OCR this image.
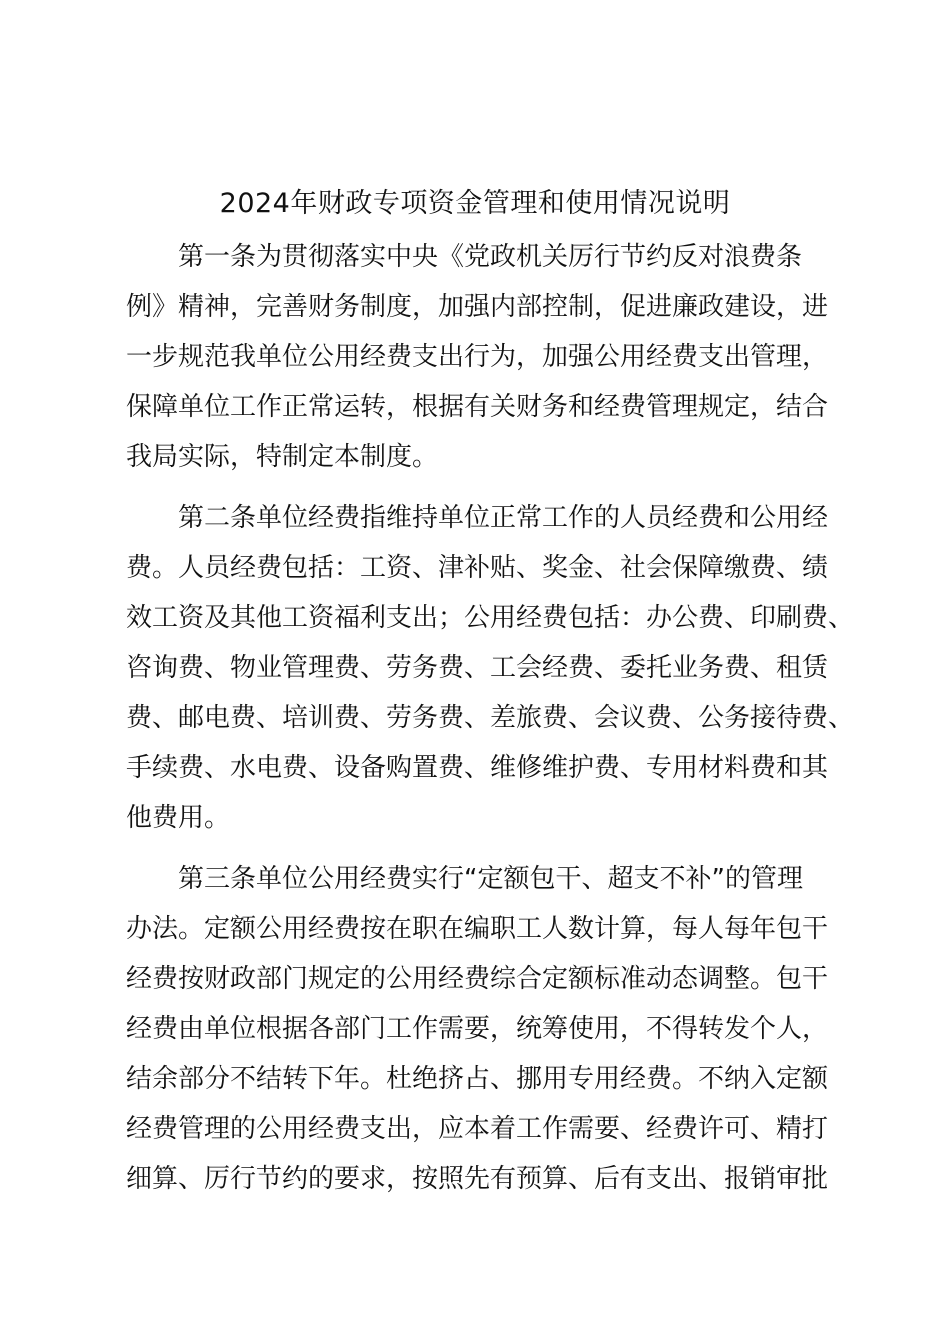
2024年财政专项资金管理和使用情况说明

第一条为贯彻落实中央《党政机关厉行节约反对浪费条
例》精神，完善财务制度，加强内部控制，促进廉政建设，进
一步规范我单位公用经费支出行为，加强公用经费支出管理，
保障单位工作正常运转，根据有关财务和经费管理规定，结合
我局实际，特制定本制度。

第二条单位经费指维持单位正常工作的人员经费和公用经
费。人员经费包括：工资、津补贴、奖金、社会保障缴费、绩
效工资及其他工资福利支出；公用经费包括：办公费、印刷费、
咨询费、物业管理费、劳务费、工会经费、委托业务费、租赁
费、邮电费、培训费、劳务费、差旅费、会议费、公务接待费、
手续费、水电费、设备购置费、维修维护费、专用材料费和其
他费用。

第三条单位公用经费实行“定额包干、超支不补”的管理
办法。定额公用经费按在职在编职工人数计算，每人每年包干
经费按财政部门规定的公用经费综合定额标准动态调整。包干
经费由单位根据各部门工作需要，统筹使用，不得转发个人，
结余部分不结转下年。杜绝挤占、挪用专用经费。不纳入定额
经费管理的公用经费支出，应本着工作需要、经费许可、精打
细算、厉行节约的要求，按照先有预算、后有支出、报销审批
